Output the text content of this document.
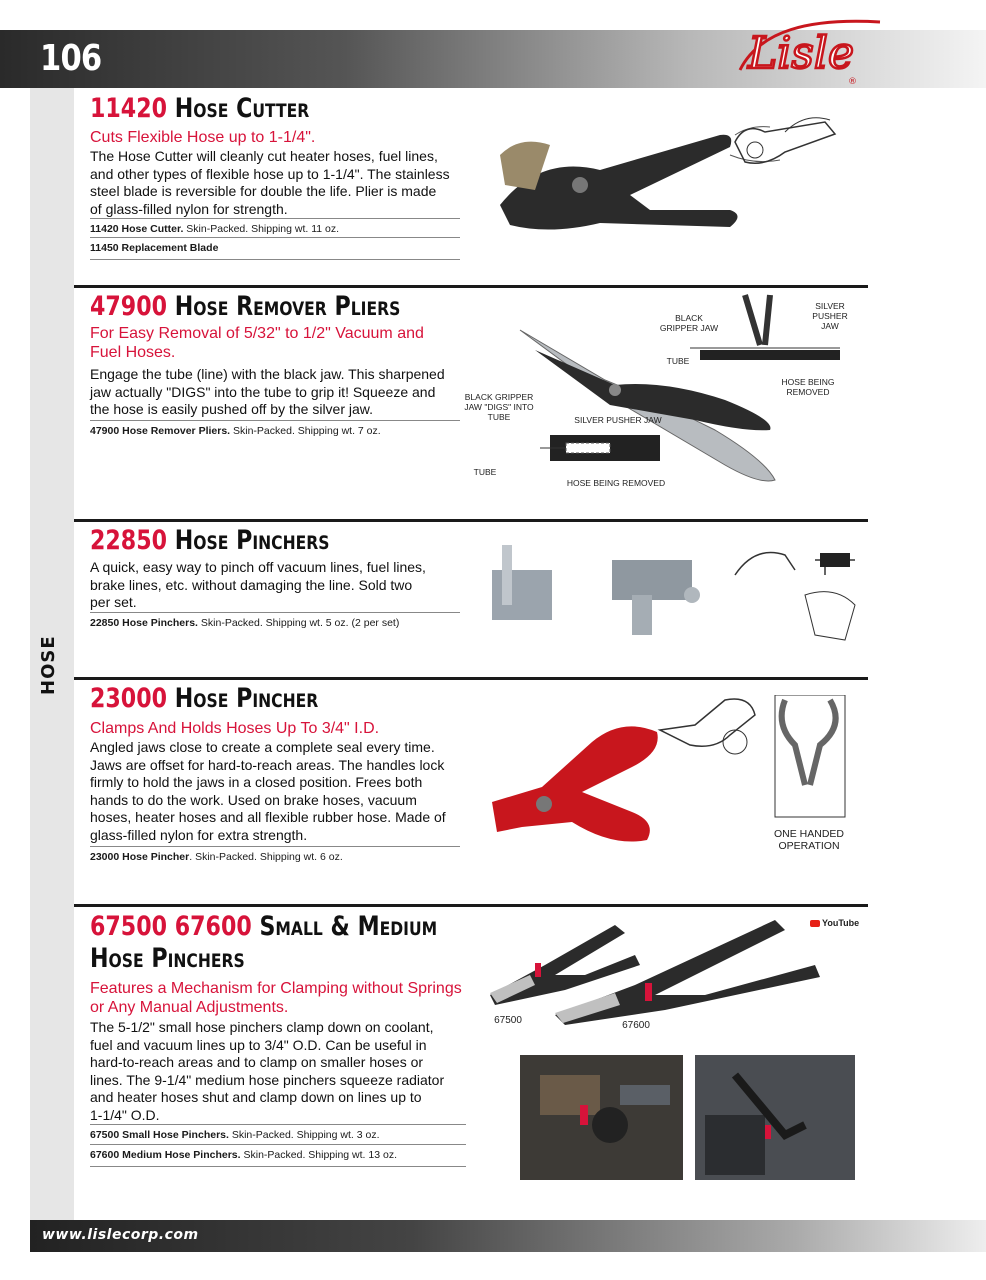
106	Lisle
®
HOSE
11420 Hose Cutter
Cuts Flexible Hose up to 1-1/4".
The Hose Cutter will cleanly cut heater hoses, fuel lines,
and other types of flexible hose up to 1-1/4". The stainless
steel blade is reversible for double the life. Plier is made
of glass-filled nylon for strength.
11420 Hose Cutter. Skin-Packed. Shipping wt. 11 oz.
11450 Replacement Blade
47900 Hose Remover Pliers
For Easy Removal of 5/32" to 1/2" Vacuum and
Fuel Hoses.
Engage the tube (line) with the black jaw. This sharpened
jaw actually "DIGS" into the tube to grip it! Squeeze and
the hose is easily pushed off by the silver jaw.
47900 Hose Remover Pliers. Skin-Packed. Shipping wt. 7 oz.
BLACK
GRIPPER JAW
SILVER
PUSHER
JAW
TUBE
HOSE BEING
REMOVED
BLACK GRIPPER
JAW "DIGS" INTO
TUBE	SILVER PUSHER JAW
TUBE
HOSE BEING REMOVED
22850 Hose Pinchers
A quick, easy way to pinch off vacuum lines, fuel lines,
brake lines, etc. without damaging the line. Sold two
per set.
22850 Hose Pinchers. Skin-Packed. Shipping wt. 5 oz. (2 per set)
23000 Hose Pincher
Clamps And Holds Hoses Up To 3/4" I.D.
Angled jaws close to create a complete seal every time.
Jaws are offset for hard-to-reach areas. The handles lock
firmly to hold the jaws in a closed position. Frees both
hands to do the work. Used on brake hoses, vacuum
hoses, heater hoses and all flexible rubber hose. Made of
glass-filled nylon for extra strength.
23000 Hose Pincher. Skin-Packed. Shipping wt. 6 oz.
ONE HANDED
OPERATION
67500 67600 Small & Medium
Hose Pinchers
Features a Mechanism for Clamping without Springs
or Any Manual Adjustments.
The 5-1/2" small hose pinchers clamp down on coolant,
fuel and vacuum lines up to 3/4" O.D. Can be useful in
hard-to-reach areas and to clamp on smaller hoses or
lines. The 9-1/4" medium hose pinchers squeeze radiator
and heater hoses shut and clamp down on lines up to
1-1/4" O.D.
67500 Small Hose Pinchers. Skin-Packed. Shipping wt. 3 oz.
67600 Medium Hose Pinchers. Skin-Packed. Shipping wt. 13 oz.
YouTube
67500	67600
www.lislecorp.com
